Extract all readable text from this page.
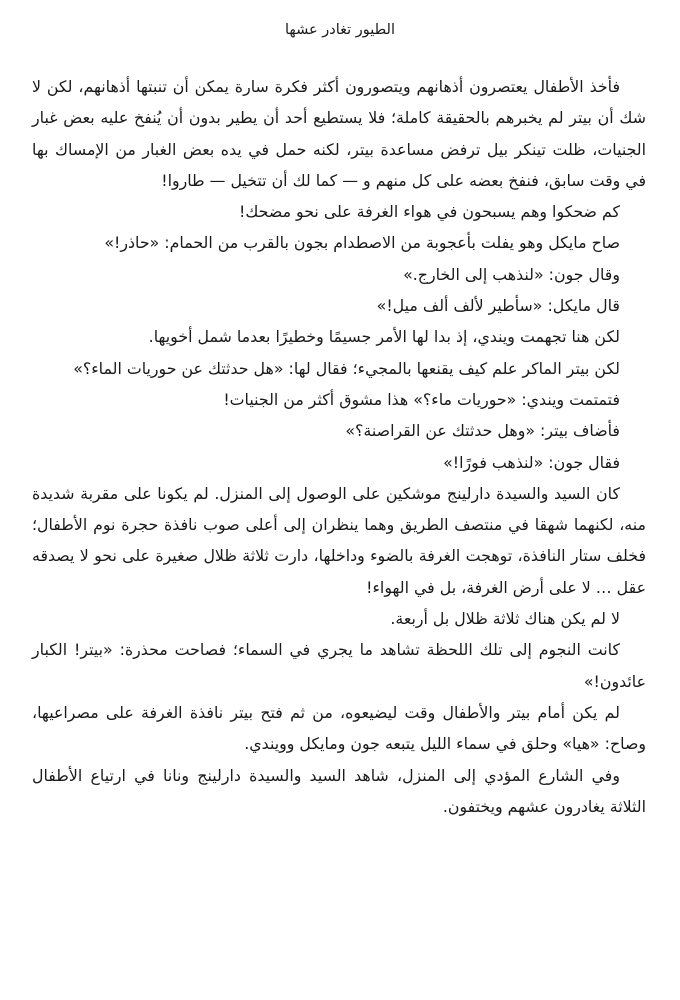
الطيور تغادر عشها

فأخذ الأطفال يعتصرون أذهانهم ويتصورون أكثر فكرة سارة يمكن أن تنبتها أذهانهم، لكن لا شك أن بيتر لم يخبرهم بالحقيقة كاملة؛ فلا يستطيع أحد أن يطير بدون أن يُنفخ عليه بعض غبار الجنيات، ظلت تينكر بيل ترفض مساعدة بيتر، لكنه حمل في يده بعض الغبار من الإمساك بها في وقت سابق، فنفخ بعضه على كل منهم و — كما لك أن تتخيل — طاروا!

كم ضحكوا وهم يسبحون في هواء الغرفة على نحو مضحك!

صاح مايكل وهو يفلت بأعجوبة من الاصطدام بجون بالقرب من الحمام: «حاذر!»

وقال جون: «لنذهب إلى الخارج.»

قال مايكل: «سأطير لألف ألف ميل!»

لكن هنا تجهمت ويندي، إذ بدا لها الأمر جسيمًا وخطيرًا بعدما شمل أخويها.

لكن بيتر الماكر علم كيف يقنعها بالمجيء؛ فقال لها: «هل حدثتك عن حوريات الماء؟»

فتمتمت ويندي: «حوريات ماء؟» هذا مشوق أكثر من الجنيات!

فأضاف بيتر: «وهل حدثتك عن القراصنة؟»

فقال جون: «لنذهب فورًا!»

كان السيد والسيدة دارلينج موشكين على الوصول إلى المنزل. لم يكونا على مقربة شديدة منه، لكنهما شهقا في منتصف الطريق وهما ينظران إلى أعلى صوب نافذة حجرة نوم الأطفال؛ فخلف ستار النافذة، توهجت الغرفة بالضوء وداخلها، دارت ثلاثة ظلال صغيرة على نحو لا يصدقه عقل … لا على أرض الغرفة، بل في الهواء!

لا لم يكن هناك ثلاثة ظلال بل أربعة.

كانت النجوم إلى تلك اللحظة تشاهد ما يجري في السماء؛ فصاحت محذرة: «بيتر! الكبار عائدون!»

لم يكن أمام بيتر والأطفال وقت ليضيعوه، من ثم فتح بيتر نافذة الغرفة على مصراعيها، وصاح: «هيا» وحلق في سماء الليل يتبعه جون ومايكل وويندي.

وفي الشارع المؤدي إلى المنزل، شاهد السيد والسيدة دارلينج ونانا في ارتياع الأطفال الثلاثة يغادرون عشهم ويختفون.
